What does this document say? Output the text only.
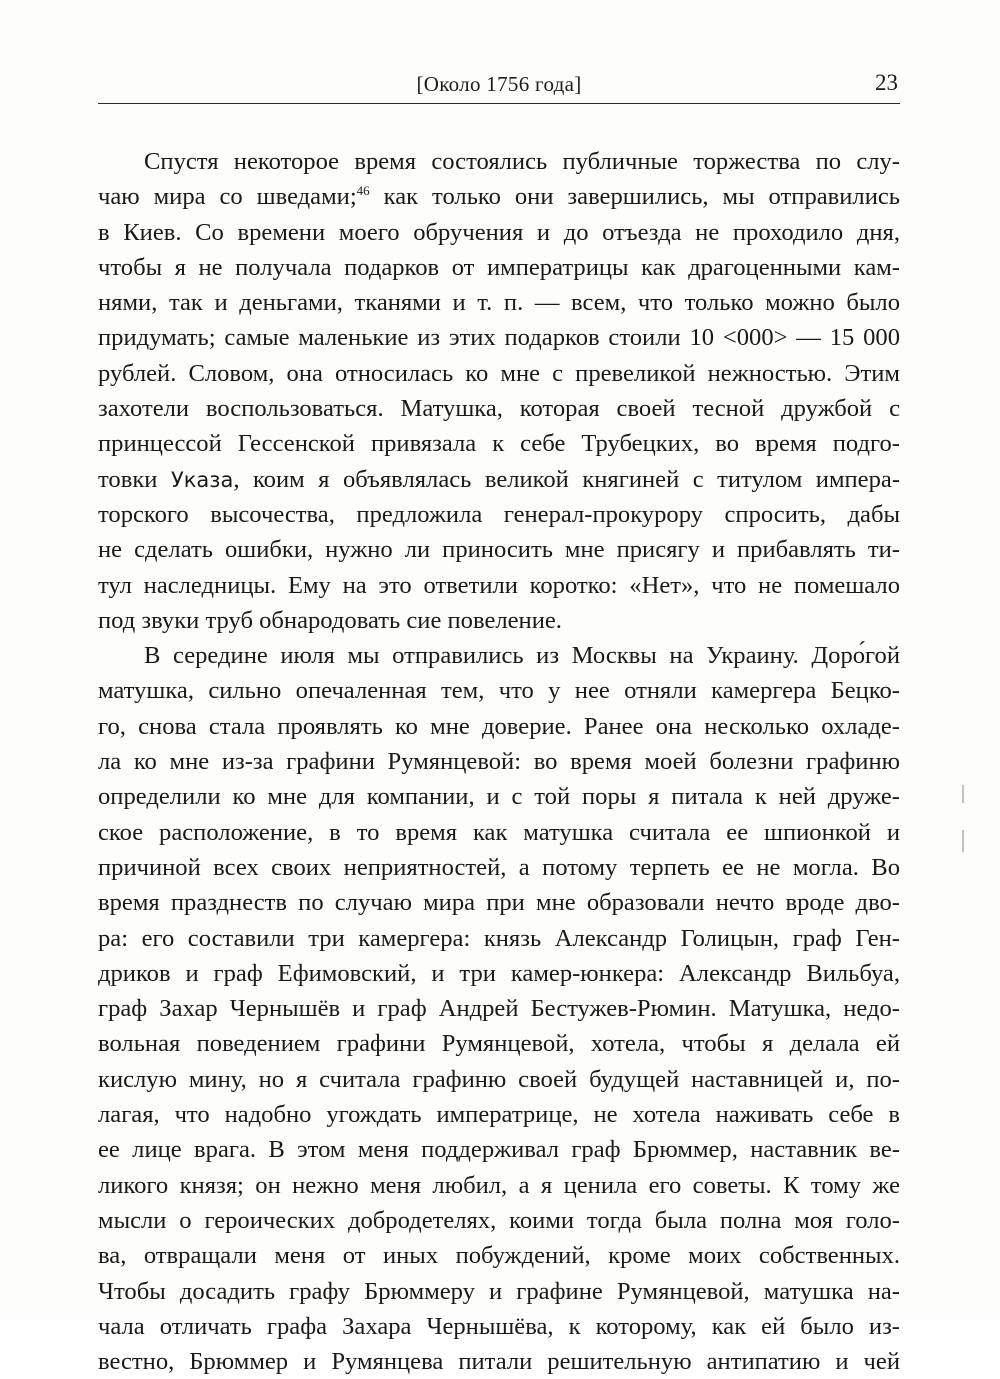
[Около 1756 года]	23
Спустя некоторое время состоялись публичные торжества по слу-
чаю мира со шведами;$^{46}$ как только они завершились, мы отправились
в Киев. Со времени моего обручения и до отъезда не проходило дня,
чтобы я не получала подарков от императрицы как драгоценными кам-
нями, так и деньгами, тканями и т. п. — всем, что только можно было
придумать; самые маленькие из этих подарков стоили 10 <000> — 15 000
рублей. Словом, она относилась ко мне с превеликой нежностью. Этим
захотели воспользоваться. Матушка, которая своей тесной дружбой с
принцессой Гессенской привязала к себе Трубецких, во время подго-
товки Указа, коим я объявлялась великой княгиней с титулом импера-
торского высочества, предложила генерал-прокурору спросить, дабы
не сделать ошибки, нужно ли приносить мне присягу и прибавлять ти-
тул наследницы. Ему на это ответили коротко: «Нет», что не помешало
под звуки труб обнародовать сие повеление.
В середине июля мы отправились из Москвы на Украину. Доро́гой
матушка, сильно опечаленная тем, что у нее отняли камергера Бецко-
го, снова стала проявлять ко мне доверие. Ранее она несколько охладе-
ла ко мне из-за графини Румянцевой: во время моей болезни графиню
определили ко мне для компании, и с той поры я питала к ней друже-
ское расположение, в то время как матушка считала ее шпионкой и
причиной всех своих неприятностей, а потому терпеть ее не могла. Во
время празднеств по случаю мира при мне образовали нечто вроде дво-
ра: его составили три камергера: князь Александр Голицын, граф Ген-
дриков и граф Ефимовский, и три камер-юнкера: Александр Вильбуа,
граф Захар Чернышёв и граф Андрей Бестужев-Рюмин. Матушка, недо-
вольная поведением графини Румянцевой, хотела, чтобы я делала ей
кислую мину, но я считала графиню своей будущей наставницей и, по-
лагая, что надобно угождать императрице, не хотела наживать себе в
ее лице врага. В этом меня поддерживал граф Брюммер, наставник ве-
ликого князя; он нежно меня любил, а я ценила его советы. К тому же
мысли о героических добродетелях, коими тогда была полна моя голо-
ва, отвращали меня от иных побуждений, кроме моих собственных.
Чтобы досадить графу Брюммеру и графине Румянцевой, матушка на-
чала отличать графа Захара Чернышёва, к которому, как ей было из-
вестно, Брюммер и Румянцева питали решительную антипатию и чей
